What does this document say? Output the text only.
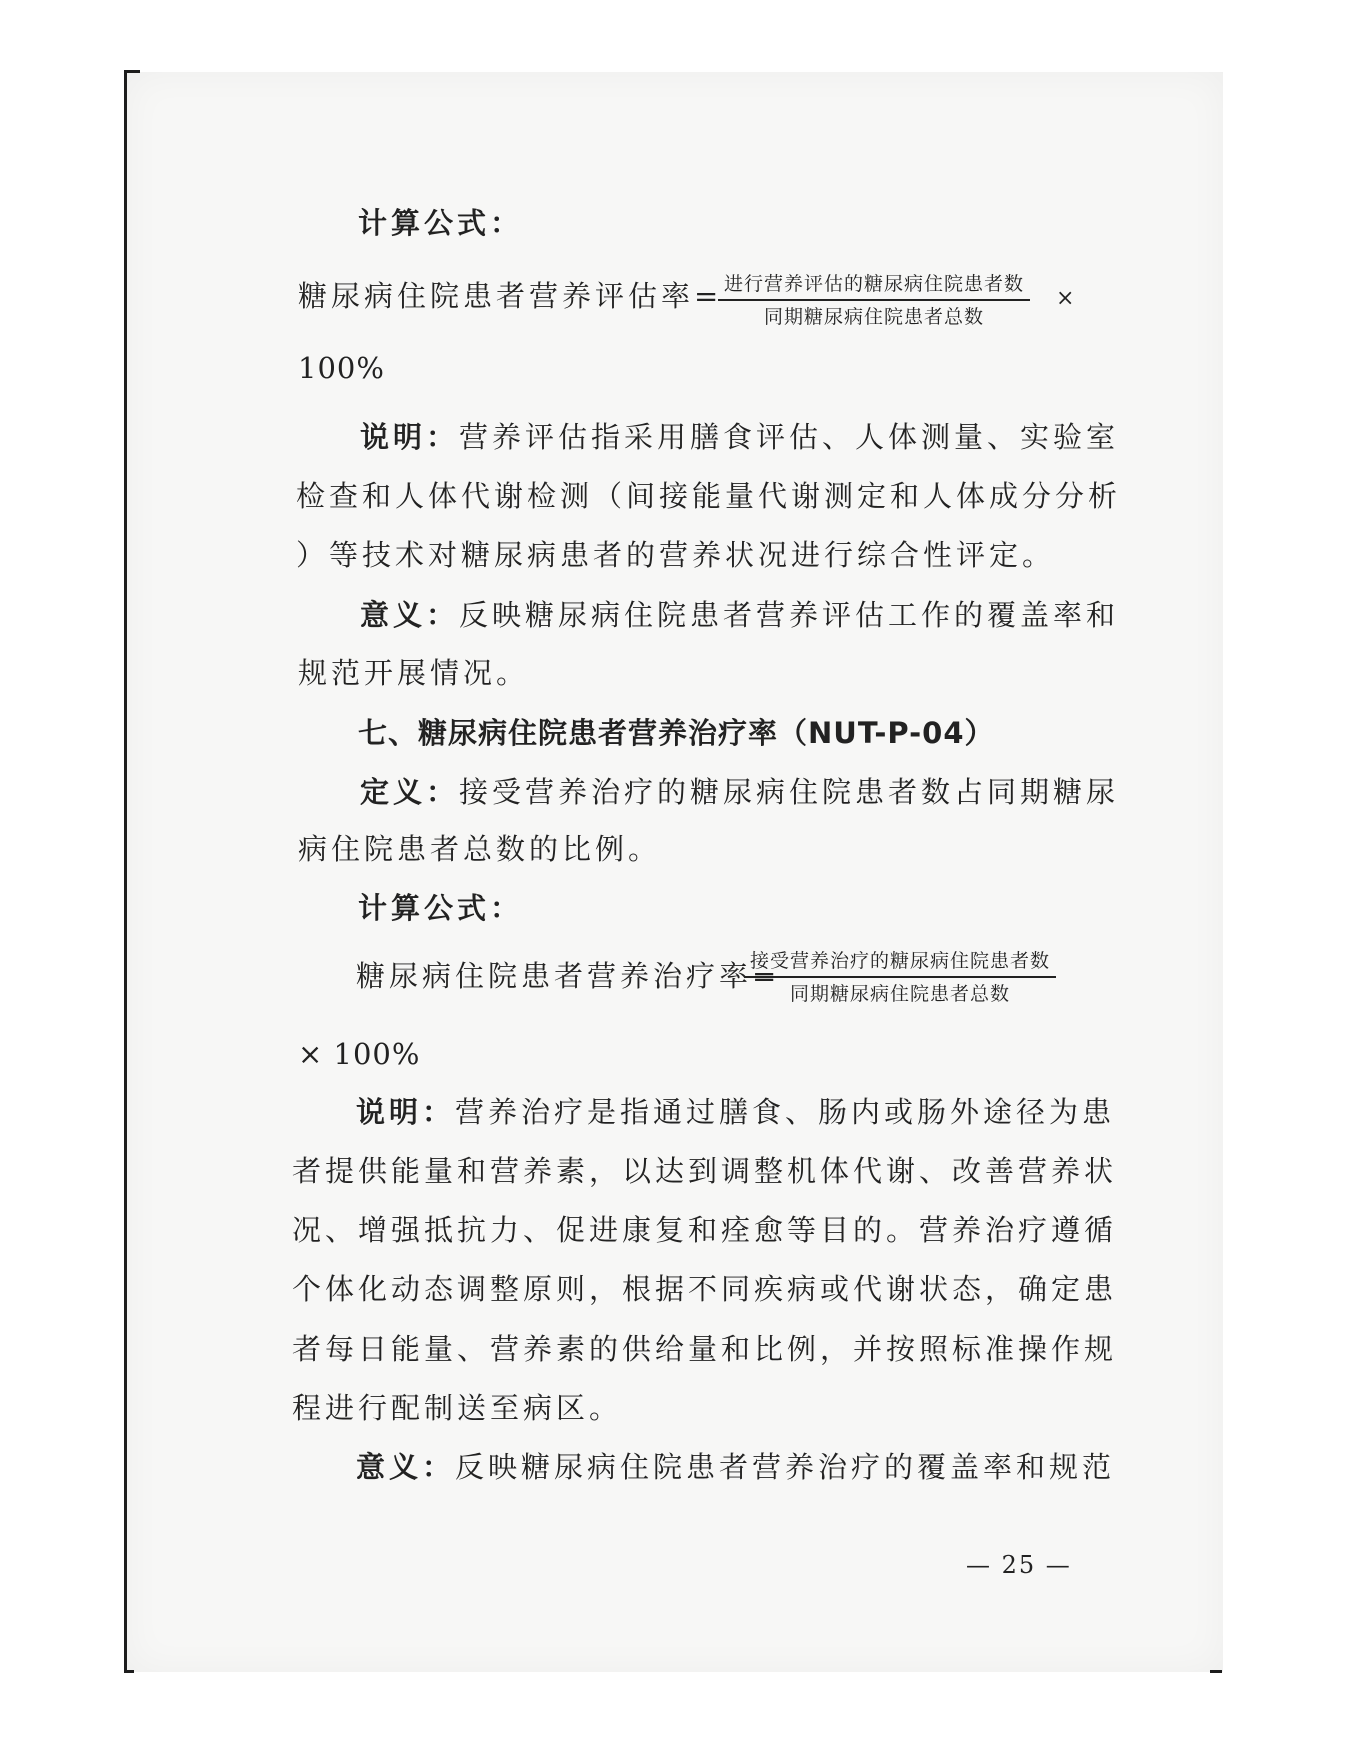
计算公式：
糖尿病住院患者营养评估率= 进行营养评估的糖尿病住院患者数
同期糖尿病住院患者总数
×
100%
说明：营养评估指采用膳食评估、人体测量、实验室
检查和人体代谢检测（间接能量代谢测定和人体成分分析
）等技术对糖尿病患者的营养状况进行综合性评定。
意义：反映糖尿病住院患者营养评估工作的覆盖率和
规范开展情况。
七、糖尿病住院患者营养治疗率（NUT-P-04）
定义：接受营养治疗的糖尿病住院患者数占同期糖尿
病住院患者总数的比例。
计算公式：
糖尿病住院患者营养治疗率=
接受营养治疗的糖尿病住院患者数
同期糖尿病住院患者总数
× 100%
说明：营养治疗是指通过膳食、肠内或肠外途径为患
者提供能量和营养素，以达到调整机体代谢、改善营养状
况、增强抵抗力、促进康复和痊愈等目的。营养治疗遵循
个体化动态调整原则，根据不同疾病或代谢状态，确定患
者每日能量、营养素的供给量和比例，并按照标准操作规
程进行配制送至病区。
意义：反映糖尿病住院患者营养治疗的覆盖率和规范
— 25 —
